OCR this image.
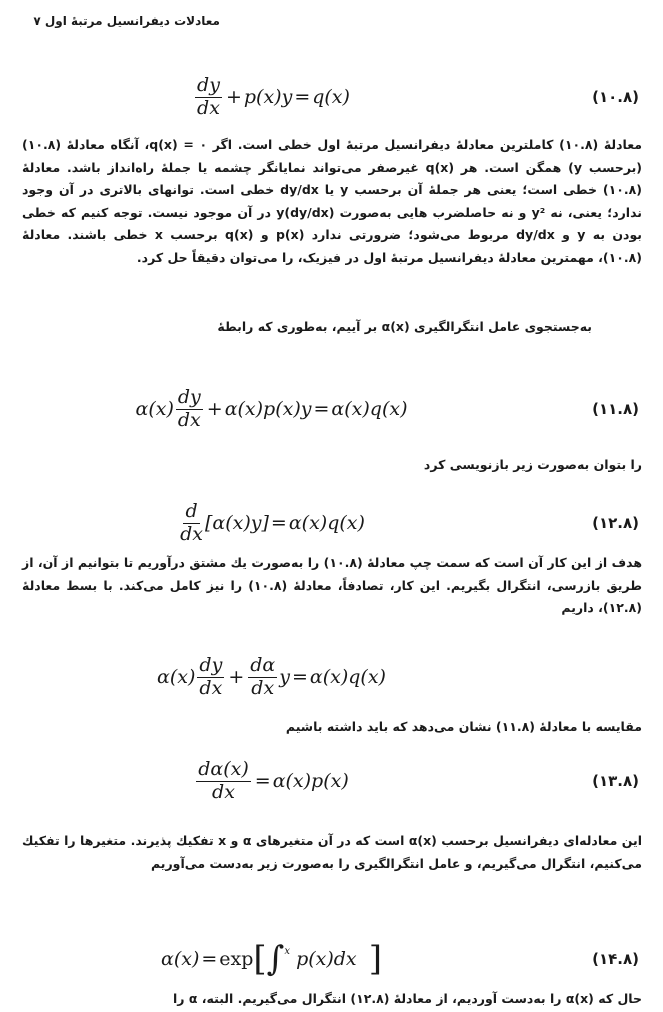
معادلات دیفرانسیل مرتبهٔ اول ۷
$\frac{dy}{dx} + p(x)y = q(x)$	(۱۰.۸)
معادلهٔ (۱۰.۸) کاملترین معادلهٔ دیفرانسیل مرتبهٔ اول خطی است. اگر q(x) = ۰، آنگاه معادلهٔ (۱۰.۸) (برحسب y) همگن است. هر q(x) غیرصفر می‌تواند نمایانگر چشمه یا جملهٔ راه‌انداز باشد. معادلهٔ (۱۰.۸) خطی است؛ یعنی هر جملهٔ آن برحسب y یا dy/dx خطی است. توانهای بالاتری در آن وجود ندارد؛ یعنی، نه y² و نه حاصلضرب هایی به‌صورت y(dy/dx) در آن موجود نیست. توجه کنیم که خطی بودن به y و dy/dx مربوط می‌شود؛ ضرورتی ندارد p(x) و q(x) برحسب x خطی باشند. معادلهٔ (۱۰.۸)، مهمترین معادلهٔ دیفرانسیل مرتبهٔ اول در فیزیک، را می‌توان دقیقاً حل کرد.
به‌جستجوی عامل انتگرالگیری α(x) بر آییم، به‌طوری که رابطهٔ
$\alpha(x) \frac{dy}{dx} + \alpha(x)p(x)y = \alpha(x)q(x)$	(۱۱.۸)
را بتوان به‌صورت زیر بازنویسی کرد
$\frac{d}{dx} [\alpha(x)y] = \alpha(x)q(x)$	(۱۲.۸)
هدف از این کار آن است که سمت چپ معادلهٔ (۱۰.۸) را به‌صورت یك مشتق درآوریم تا بتوانیم از آن، از طریق بازرسی، انتگرال بگیریم. این کار، تصادفاً، معادلهٔ (۱۰.۸) را نیز کامل می‌کند. با بسط معادلهٔ (۱۲.۸)، داریم
$\alpha(x) \frac{dy}{dx} + \frac{d\alpha}{dx}$ y = α(x)q(x)
مقایسه با معادلهٔ (۱۱.۸) نشان می‌دهد که باید داشته باشیم
$\frac{d\alpha(x)}{dx} = \alpha(x)p(x)$	(۱۳.۸)
این معادله‌ای دیفرانسیل برحسب α(x) است که در آن متغیرهای α و x تفکیك پذیرند. متغیرها را تفکیك می‌کنیم، انتگرال می‌گیریم، و عامل انتگرالگیری را به‌صورت زیر به‌دست می‌آوریم
α(x) = exp [ ∫ x p(x)dx ]	(۱۴.۸)
حال که α(x) را به‌دست آوردیم، از معادلهٔ (۱۲.۸) انتگرال می‌گیریم. البته، α را
